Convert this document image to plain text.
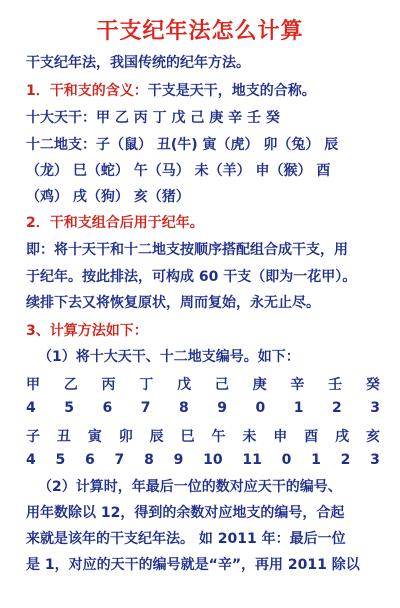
干支纪年法怎么计算
干支纪年法，我国传统的纪年方法。
1．干和支的含义：干支是天干，地支的合称。
十大天干：甲 乙 丙 丁 戊 己 庚 辛 壬 癸
十二地支：子（鼠） 丑(牛) 寅（虎） 卯（兔） 辰
（龙） 巳（蛇） 午（马） 未（羊） 申（猴） 酉
（鸡） 戌（狗） 亥（猪）
2．干和支组合后用于纪年。
即：将十天干和十二地支按顺序搭配组合成干支，用
于纪年。按此排法，可构成 60 干支（即为一花甲）。
续排下去又将恢复原状，周而复始，永无止尽。
3、计算方法如下：
（1）将十大天干、十二地支编号。如下：
甲 乙 丙 丁 戊 己 庚 辛 壬 癸
4 5 6 7 8 9 0 1 2 3
子 丑 寅 卯 辰 巳 午 未 申 酉 戌 亥
4 5 6 7 8 9 10 11 0 1 2 3
（2）计算时，年最后一位的数对应天干的编号、
用年数除以 12，得到的余数对应地支的编号，合起
来就是该年的干支纪年法。 如 2011 年：最后一位
是 1，对应的天干的编号就是“辛”，再用 2011 除以
